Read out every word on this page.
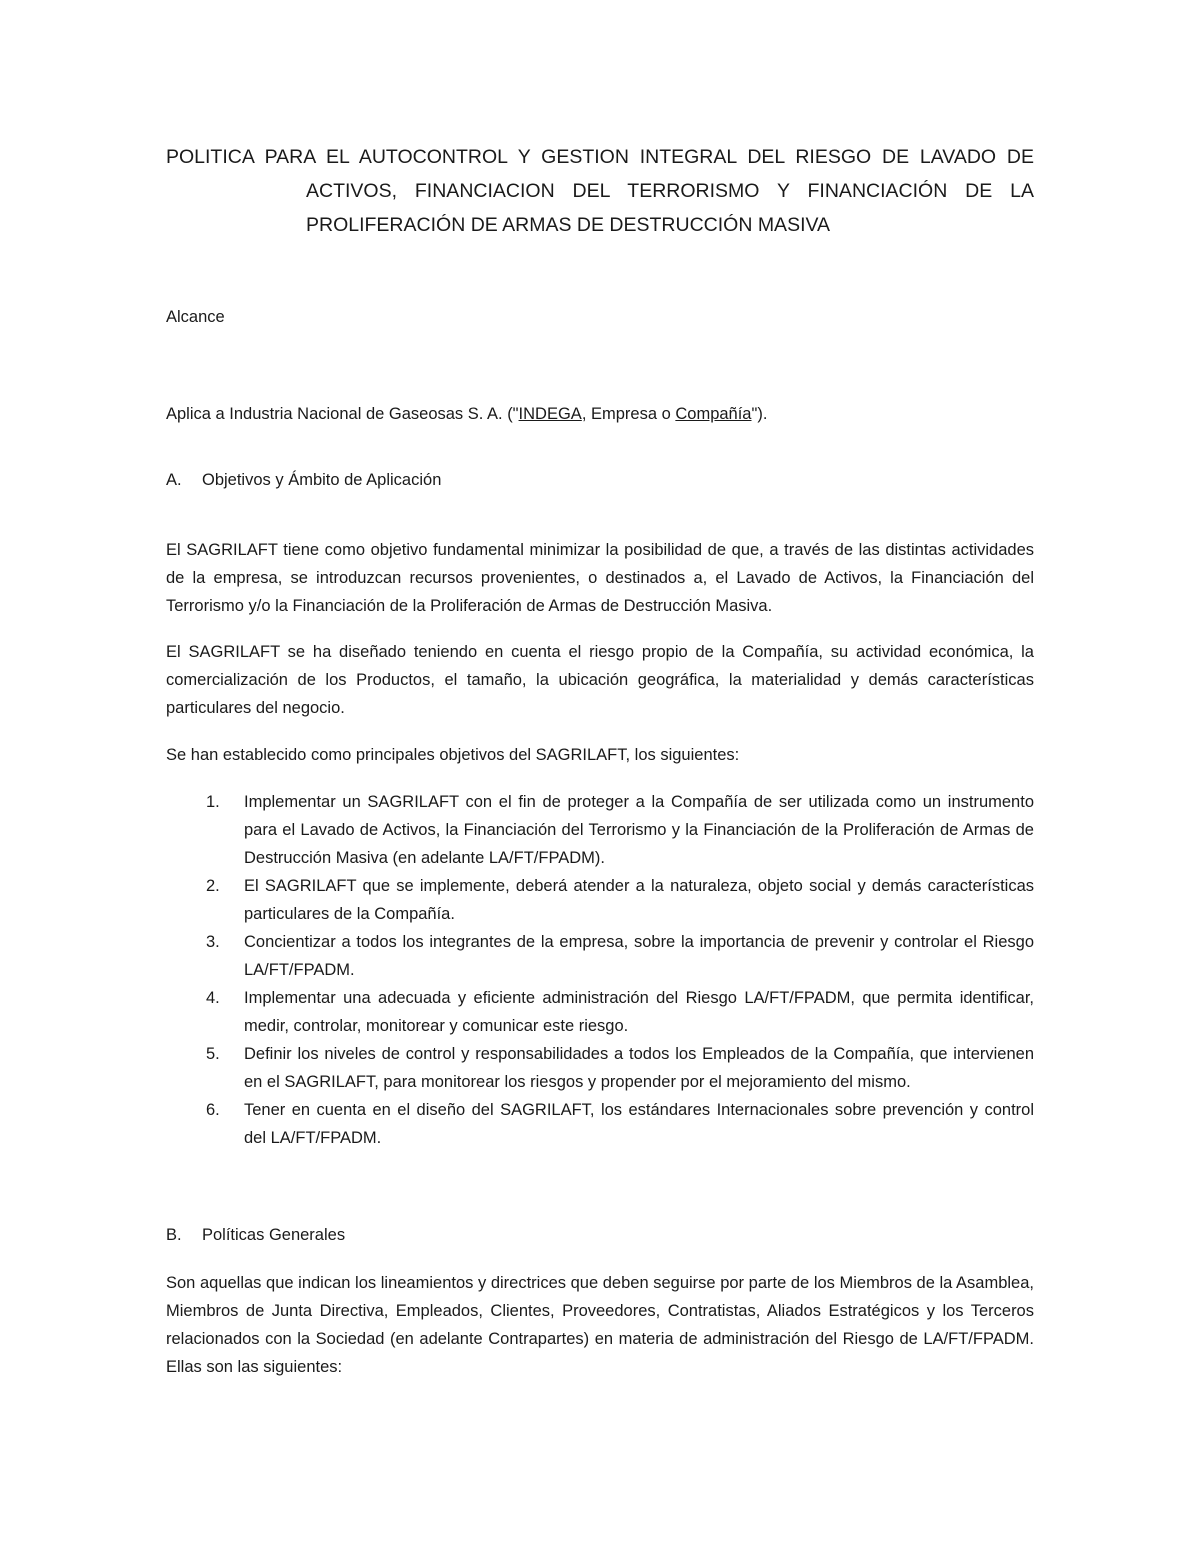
POLITICA PARA EL AUTOCONTROL Y GESTION INTEGRAL DEL RIESGO DE LAVADO DE
ACTIVOS, FINANCIACION DEL TERRORISMO Y FINANCIACIÓN DE LA
PROLIFERACIÓN DE ARMAS DE DESTRUCCIÓN MASIVA
Alcance
Aplica a Industria Nacional de Gaseosas S. A. ("INDEGA, Empresa o Compañía").
A. Objetivos y Ámbito de Aplicación
El SAGRILAFT tiene como objetivo fundamental minimizar la posibilidad de que, a través de las distintas actividades de la empresa, se introduzcan recursos provenientes, o destinados a, el Lavado de Activos, la Financiación del Terrorismo y/o la Financiación de la Proliferación de Armas de Destrucción Masiva.
El SAGRILAFT se ha diseñado teniendo en cuenta el riesgo propio de la Compañía, su actividad económica, la comercialización de los Productos, el tamaño, la ubicación geográfica, la materialidad y demás características particulares del negocio.
Se han establecido como principales objetivos del SAGRILAFT, los siguientes:
1. Implementar un SAGRILAFT con el fin de proteger a la Compañía de ser utilizada como un instrumento para el Lavado de Activos, la Financiación del Terrorismo y la Financiación de la Proliferación de Armas de Destrucción Masiva (en adelante LA/FT/FPADM).
2. El SAGRILAFT que se implemente, deberá atender a la naturaleza, objeto social y demás características particulares de la Compañía.
3. Concientizar a todos los integrantes de la empresa, sobre la importancia de prevenir y controlar el Riesgo LA/FT/FPADM.
4. Implementar una adecuada y eficiente administración del Riesgo LA/FT/FPADM, que permita identificar, medir, controlar, monitorear y comunicar este riesgo.
5. Definir los niveles de control y responsabilidades a todos los Empleados de la Compañía, que intervienen en el SAGRILAFT, para monitorear los riesgos y propender por el mejoramiento del mismo.
6. Tener en cuenta en el diseño del SAGRILAFT, los estándares Internacionales sobre prevención y control del LA/FT/FPADM.
B. Políticas Generales
Son aquellas que indican los lineamientos y directrices que deben seguirse por parte de los Miembros de la Asamblea, Miembros de Junta Directiva, Empleados, Clientes, Proveedores, Contratistas, Aliados Estratégicos y los Terceros relacionados con la Sociedad (en adelante Contrapartes) en materia de administración del Riesgo de LA/FT/FPADM. Ellas son las siguientes:
